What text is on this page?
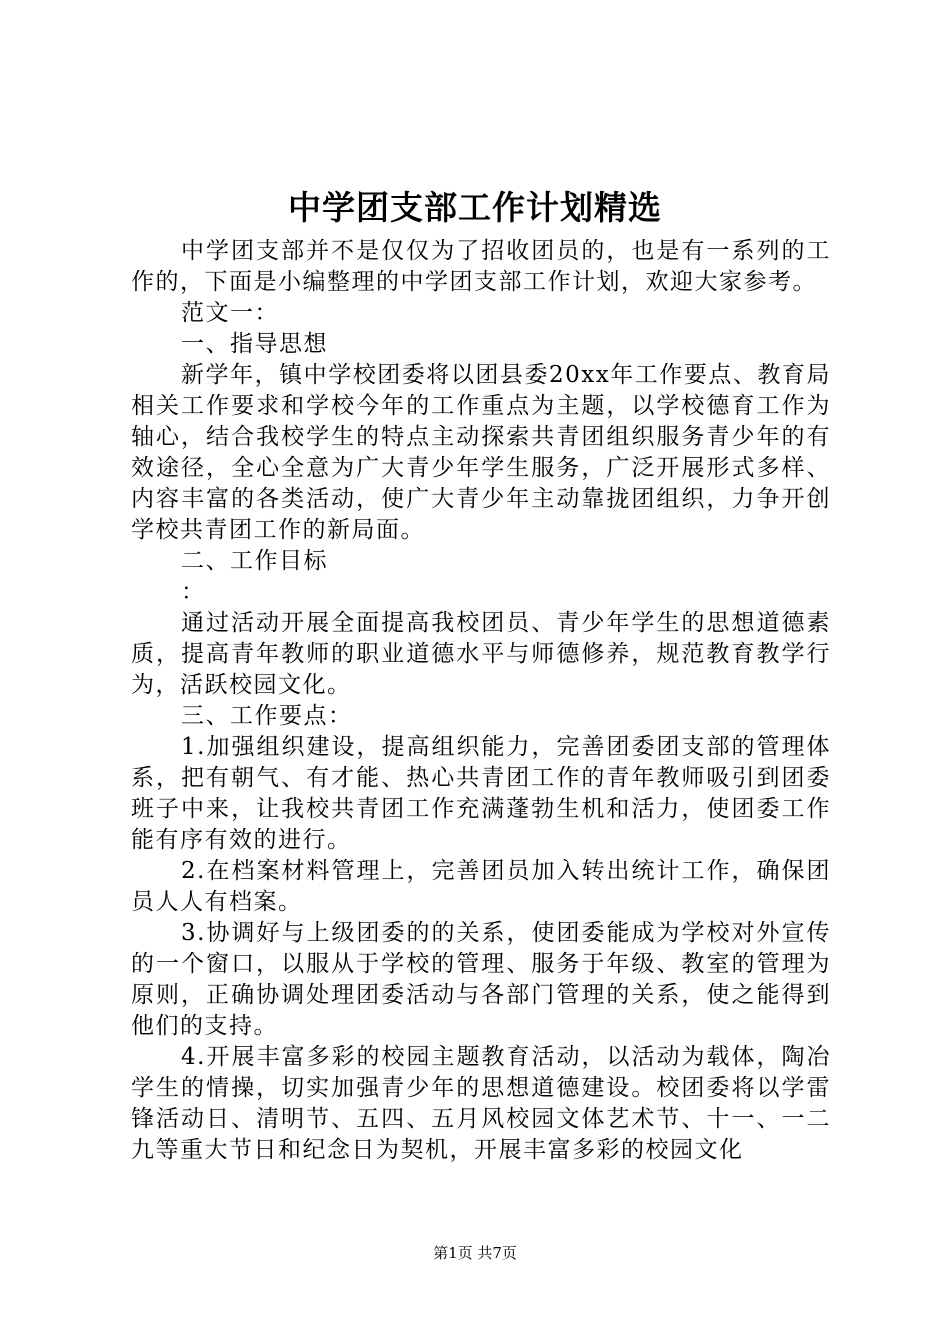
中学团支部工作计划精选

中学团支部并不是仅仅为了招收团员的，也是有一系列的工作的，下面是小编整理的中学团支部工作计划，欢迎大家参考。

范文一：

一、指导思想

新学年，镇中学校团委将以团县委20xx年工作要点、教育局相关工作要求和学校今年的工作重点为主题，以学校德育工作为轴心，结合我校学生的特点主动探索共青团组织服务青少年的有效途径，全心全意为广大青少年学生服务，广泛开展形式多样、内容丰富的各类活动，使广大青少年主动靠拢团组织，力争开创学校共青团工作的新局面。

二、工作目标

：

通过活动开展全面提高我校团员、青少年学生的思想道德素质，提高青年教师的职业道德水平与师德修养，规范教育教学行为，活跃校园文化。

三、工作要点：

1.加强组织建设，提高组织能力，完善团委团支部的管理体系，把有朝气、有才能、热心共青团工作的青年教师吸引到团委班子中来，让我校共青团工作充满蓬勃生机和活力，使团委工作能有序有效的进行。

2.在档案材料管理上，完善团员加入转出统计工作，确保团员人人有档案。

3.协调好与上级团委的的关系，使团委能成为学校对外宣传的一个窗口，以服从于学校的管理、服务于年级、教室的管理为原则，正确协调处理团委活动与各部门管理的关系，使之能得到他们的支持。

4.开展丰富多彩的校园主题教育活动，以活动为载体，陶冶学生的情操，切实加强青少年的思想道德建设。校团委将以学雷锋活动日、清明节、五四、五月风校园文体艺术节、十一、一二九等重大节日和纪念日为契机，开展丰富多彩的校园文化

第1页 共7页
